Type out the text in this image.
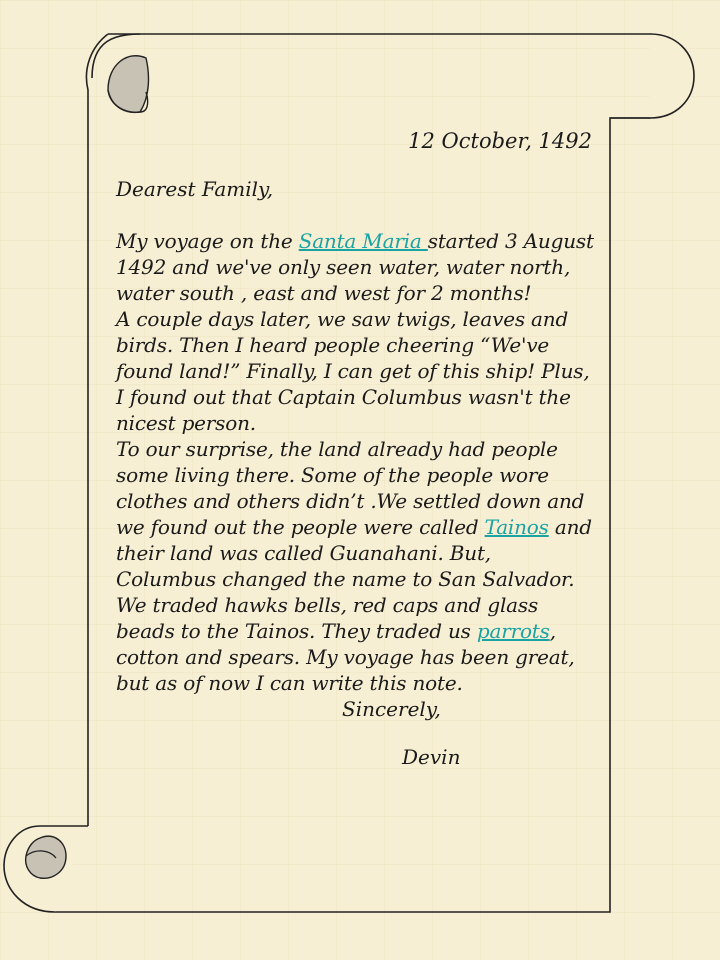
12 October, 1492

Dearest Family,

My voyage on the Santa Maria started 3 August 1492 and we've only seen water, water north, water south , east and west for 2 months!

A couple days later, we saw twigs, leaves and birds. Then I heard people cheering “We've found land!” Finally, I can get of this ship! Plus, I found out that Captain Columbus wasn't the nicest person.

To our surprise, the land already had people some living there. Some of the people wore clothes and others didn’t .We settled down and we found out the people were called Tainos and their land was called Guanahani. But, Columbus changed the name to San Salvador. We traded hawks bells, red caps and glass beads to the Tainos. They traded us parrots, cotton and spears. My voyage has been great, but as of now I can write this note.

Sincerely,

Devin
